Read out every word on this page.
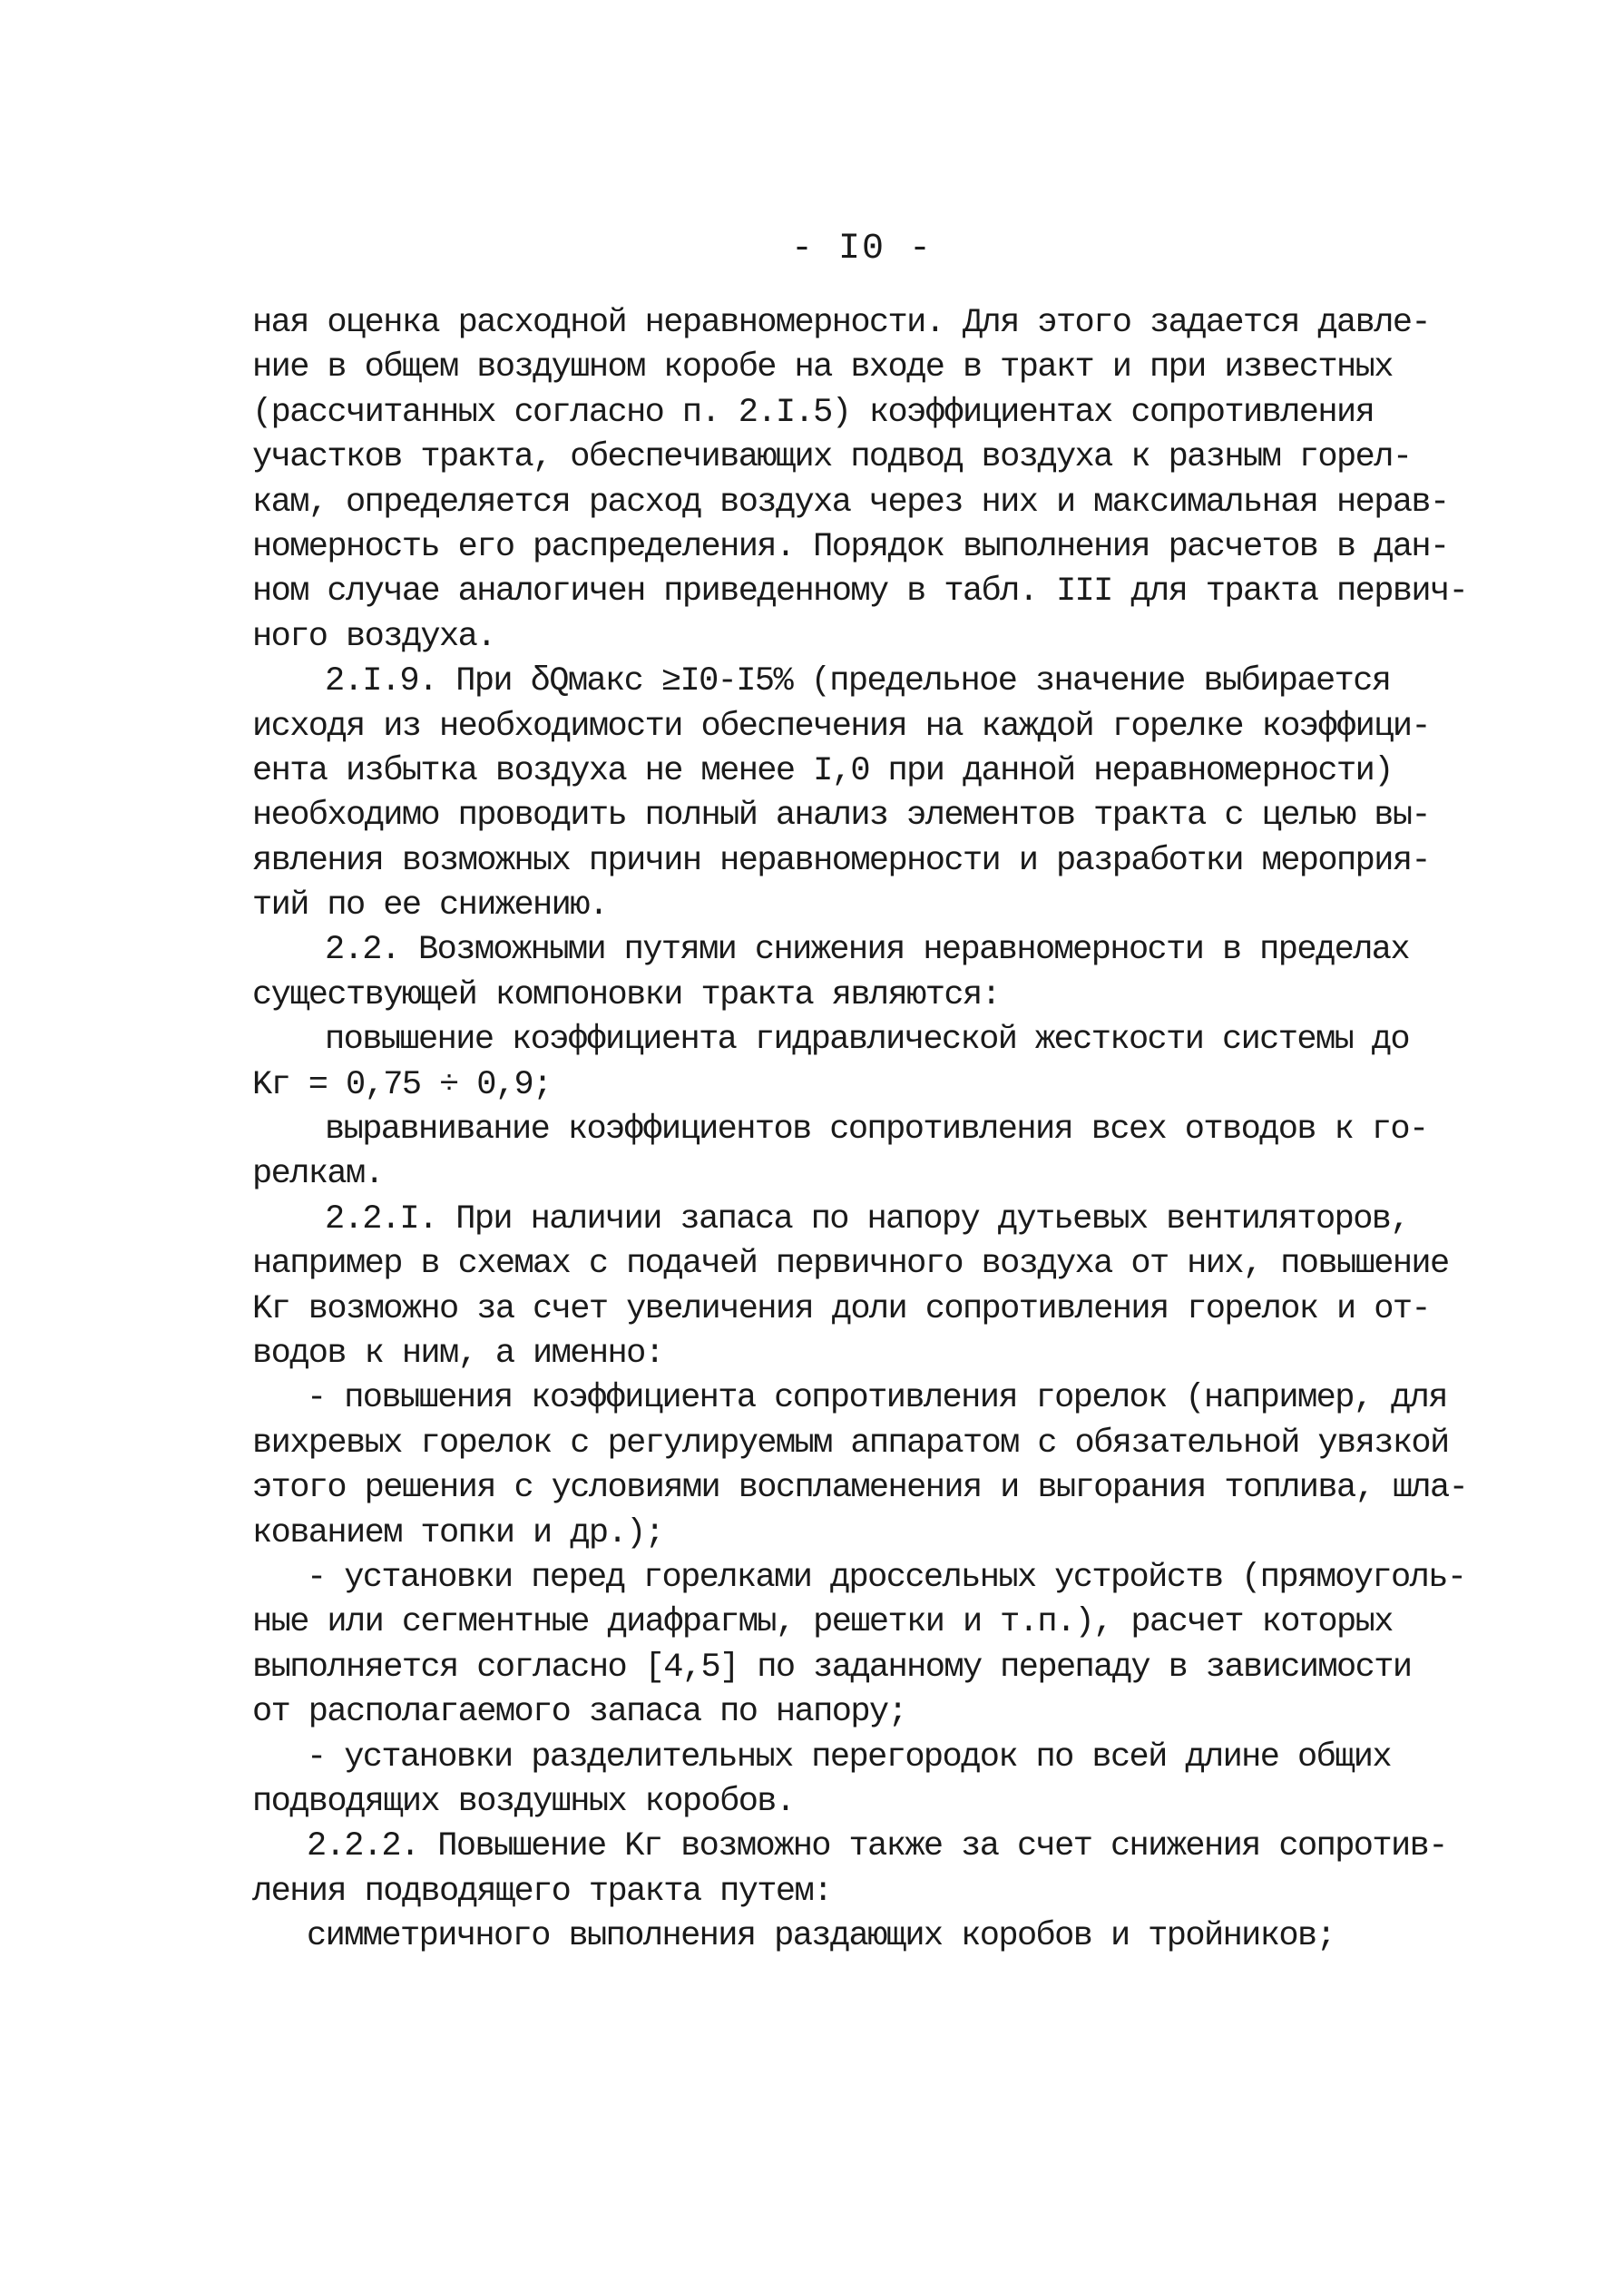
- I0 -
ная оценка расходной неравномерности. Для этого задается давле-
ние в общем воздушном коробе на входе в тракт и при известных
(рассчитанных согласно п. 2.I.5) коэффициентах сопротивления
участков тракта, обеспечивающих подвод воздуха к разным горел-
кам, определяется расход воздуха через них и максимальная нерав-
номерность его распределения. Порядок выполнения расчетов в дан-
ном случае аналогичен приведенному в табл. III для тракта первич-
ного воздуха.
2.I.9. При δQмакс ≥I0-I5% (предельное значение выбирается
исходя из необходимости обеспечения на каждой горелке коэффици-
ента избытка воздуха не менее I,0 при данной неравномерности)
необходимо проводить полный анализ элементов тракта с целью вы-
явления возможных причин неравномерности и разработки мероприя-
тий по ее снижению.
2.2. Возможными путями снижения неравномерности в пределах
существующей компоновки тракта являются:
повышение коэффициента гидравлической жесткости системы до
Kг = 0,75 ÷ 0,9;
выравнивание коэффициентов сопротивления всех отводов к го-
релкам.
2.2.I. При наличии запаса по напору дутьевых вентиляторов,
например в схемах с подачей первичного воздуха от них, повышение
Kг возможно за счет увеличения доли сопротивления горелок и от-
водов к ним, а именно:
- повышения коэффициента сопротивления горелок (например, для
вихревых горелок с регулируемым аппаратом с обязательной увязкой
этого решения с условиями воспламенения и выгорания топлива, шла-
кованием топки и др.);
- установки перед горелками дроссельных устройств (прямоуголь-
ные или сегментные диафрагмы, решетки и т.п.), расчет которых
выполняется согласно [4,5] по заданному перепаду в зависимости
от располагаемого запаса по напору;
- установки разделительных перегородок по всей длине общих
подводящих воздушных коробов.
2.2.2. Повышение Kг возможно также за счет снижения сопротив-
ления подводящего тракта путем:
симметричного выполнения раздающих коробов и тройников;
